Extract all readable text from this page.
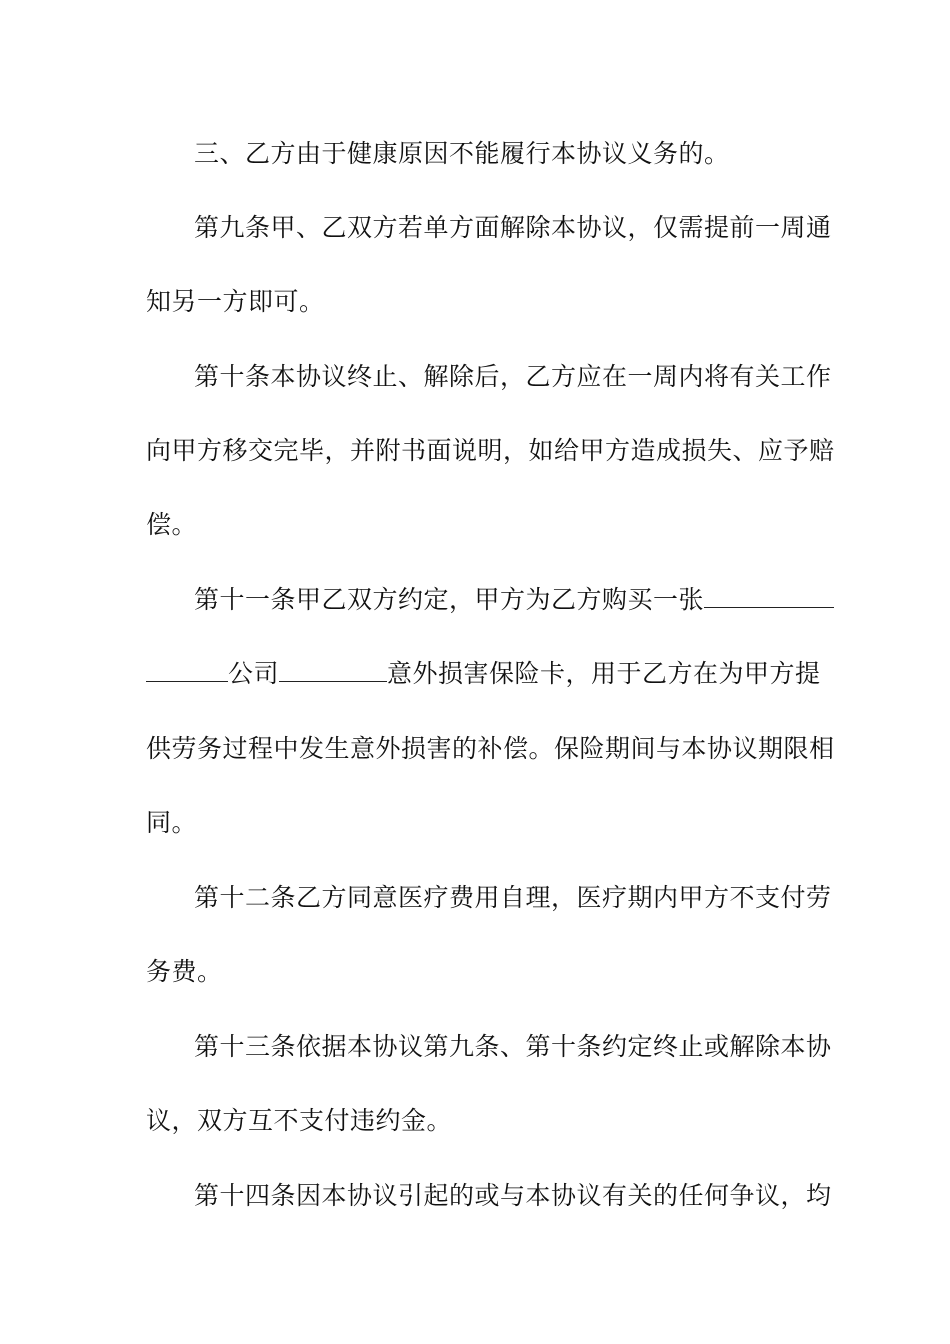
三、乙方由于健康原因不能履行本协议义务的。
第九条甲、乙双方若单方面解除本协议，仅需提前一周通
知另一方即可。
第十条本协议终止、解除后，乙方应在一周内将有关工作
向甲方移交完毕，并附书面说明，如给甲方造成损失、应予赔
偿。
第十一条甲乙双方约定，甲方为乙方购买一张
公司	意外损害保险卡，用于乙方在为甲方提
供劳务过程中发生意外损害的补偿。保险期间与本协议期限相
同。
第十二条乙方同意医疗费用自理，医疗期内甲方不支付劳
务费。
第十三条依据本协议第九条、第十条约定终止或解除本协
议，双方互不支付违约金。
第十四条因本协议引起的或与本协议有关的任何争议，均
